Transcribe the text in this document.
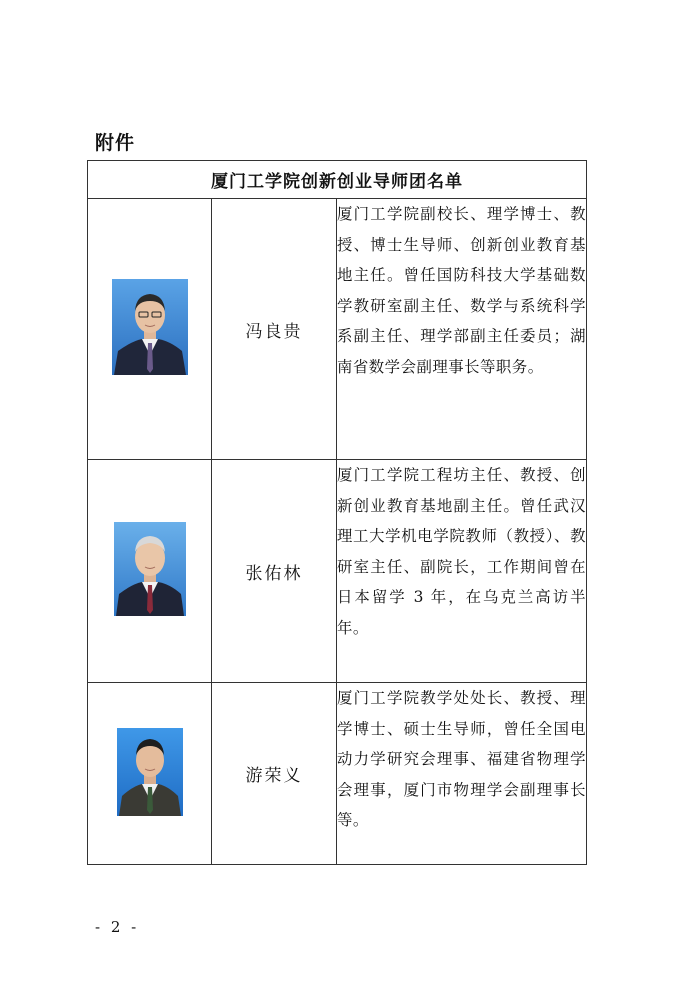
附件
厦门工学院创新创业导师团名单		

	冯良贵	厦门工学院副校长、理学博士、教授、博士生导师、创新创业教育基地主任。曾任国防科技大学基础数学教研室副主任、数学与系统科学系副主任、理学部副主任委员；湖南省数学会副理事长等职务。

	张佑林	厦门工学院工程坊主任、教授、创新创业教育基地副主任。曾任武汉理工大学机电学院教师（教授）、教研室主任、副院长，工作期间曾在日本留学 3 年，在乌克兰高访半年。

	游荣义	厦门工学院教学处处长、教授、理学博士、硕士生导师，曾任全国电动力学研究会理事、福建省物理学会理事，厦门市物理学会副理事长等。
- 2 -
